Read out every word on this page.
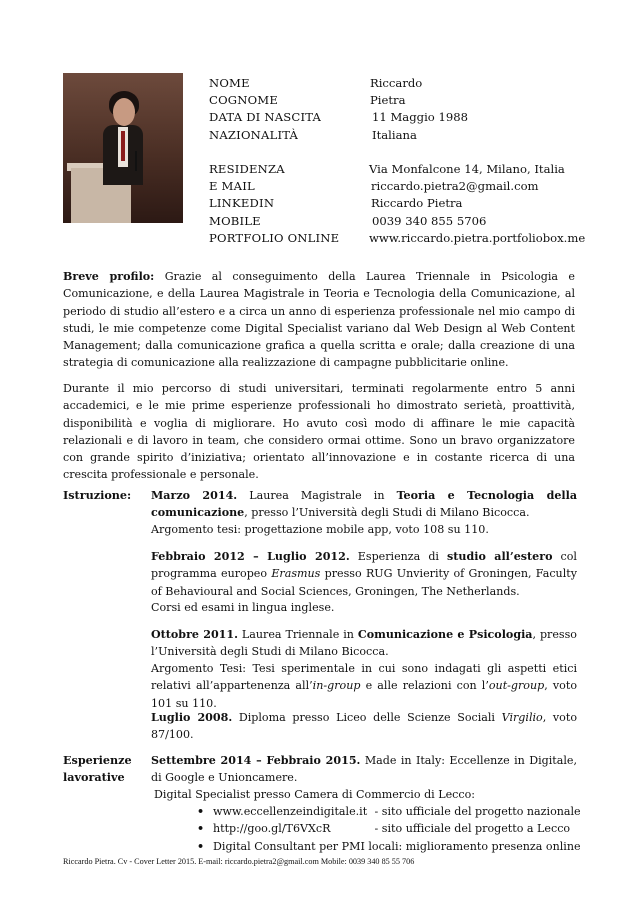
NOME
COGNOME
DATA DI NASCITA
NAZIONALITÀ
RESIDENZA
E MAIL
LINKEDIN
MOBILE
PORTFOLIO ONLINE
Riccardo
Pietra
11 Maggio 1988
Italiana
Via Monfalcone 14, Milano, Italia
riccardo.pietra2@gmail.com
Riccardo Pietra
0039 340 855 5706
www.riccardo.pietra.portfoliobox.me

Breve profilo: Grazie al conseguimento della Laurea Triennale in Psicologia e Comunicazione, e della Laurea Magistrale in Teoria e Tecnologia della Comunicazione, al periodo di studio all’estero e a circa un anno di esperienza professionale nel mio campo di studi, le mie competenze come Digital Specialist variano dal Web Design al Web Content Management; dalla comunicazione grafica a quella scritta e orale; dalla creazione di una strategia di comunicazione alla realizzazione di campagne pubblicitarie online.

Durante il mio percorso di studi universitari, terminati regolarmente entro 5 anni accademici, e le mie prime esperienze professionali ho dimostrato serietà, proattività, disponibilità e voglia di migliorare. Ho avuto così modo di affinare le mie capacità relazionali e di lavoro in team, che considero ormai ottime. Sono un bravo organizzatore con grande spirito d’iniziativa; orientato all’innovazione e in costante ricerca di una crescita professionale e personale.

Istruzione: Marzo 2014. Laurea Magistrale in Teoria e Tecnologia della comunicazione, presso l’Università degli Studi di Milano Bicocca.

Argomento tesi: progettazione mobile app, voto 108 su 110.

Febbraio 2012 – Luglio 2012. Esperienza di studio all’estero col programma europeo Erasmus presso RUG Unvierity of Groningen, Faculty of Behavioural and Social Sciences, Groningen, The Netherlands.

Corsi ed esami in lingua inglese.

Ottobre 2011. Laurea Triennale in Comunicazione e Psicologia, presso l’Università degli Studi di Milano Bicocca.

Argomento Tesi: Tesi sperimentale in cui sono indagati gli aspetti etici relativi all’appartenenza all’in-group e alle relazioni con l’out-group, voto 101 su 110.

Luglio 2008. Diploma presso Liceo delle Scienze Sociali Virgilio, voto 87/100.

Esperienze
lavorative

Settembre 2014 – Febbraio 2015. Made in Italy: Eccellenze in Digitale, di Google e Unioncamere.

Digital Specialist presso Camera di Commercio di Lecco:

• www.eccellenzeindigitale.it - sito ufficiale del progetto nazionale
• http://goo.gl/T6VXcR	- sito ufficiale del progetto a Lecco
• Digital Consultant per PMI locali: miglioramento presenza online
Riccardo Pietra. Cv - Cover Letter 2015. E-mail: riccardo.pietra2@gmail.com Mobile: 0039 340 85 55 706
